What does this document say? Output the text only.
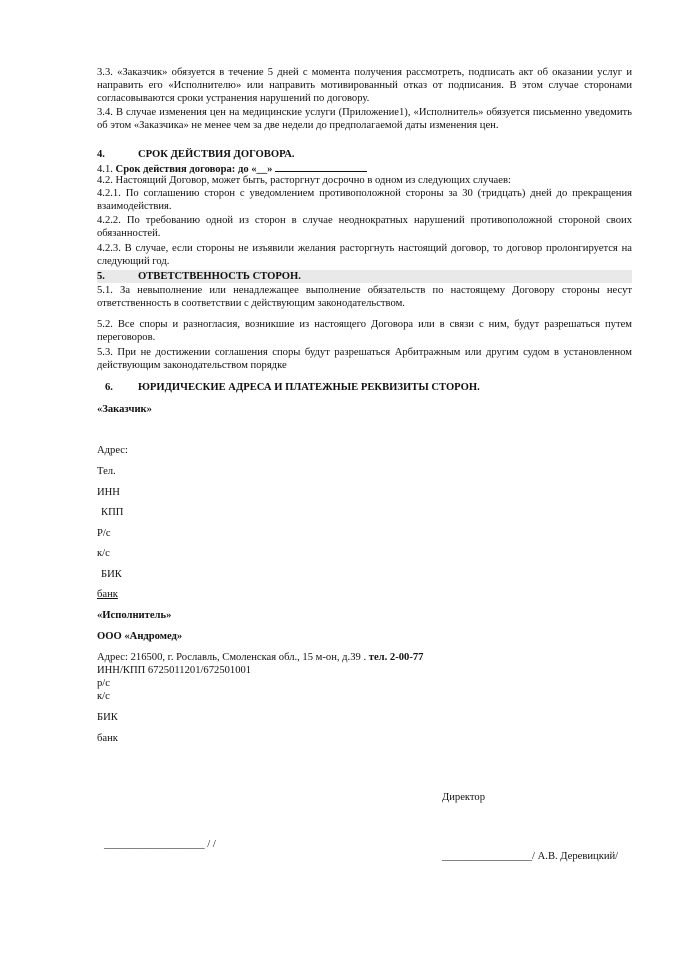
3.3. «Заказчик» обязуется в течение 5 дней с момента получения рассмотреть, подписать акт об оказании услуг и направить его «Исполнителю» или направить мотивированный отказ от подписания. В этом случае сторонами согласовываются сроки устранения нарушений по договору.
3.4. В случае изменения цен на медицинские услуги (Приложение1), «Исполнитель» обязуется письменно уведомить об этом «Заказчика» не менее чем за две недели до предполагаемой даты изменения цен.
4.	СРОК ДЕЙСТВИЯ ДОГОВОРА.
4.1. Срок действия договора: до «__»
4.2. Настоящий Договор, может быть, расторгнут досрочно в одном из следующих случаев:
4.2.1. По соглашению сторон с уведомлением противоположной стороны за 30 (тридцать) дней до прекращения взаимодействия.
4.2.2. По требованию одной из сторон в случае неоднократных нарушений противоположной стороной своих обязанностей.
4.2.3. В случае, если стороны не изъявили желания расторгнуть настоящий договор, то договор пролонгируется на следующий год.
5.	ОТВЕТСТВЕННОСТЬ СТОРОН.
5.1. За невыполнение или ненадлежащее выполнение обязательств по настоящему Договору стороны несут ответственность в соответствии с действующим законодательством.
5.2. Все споры и разногласия, возникшие из настоящего Договора или в связи с ним, будут разрешаться путем переговоров.
5.3. При не достижении соглашения споры будут разрешаться Арбитражным или другим судом в установленном действующим законодательством порядке
6. ЮРИДИЧЕСКИЕ АДРЕСА И ПЛАТЕЖНЫЕ РЕКВИЗИТЫ СТОРОН.
«Заказчик»
Адрес:
Тел.
ИНН
КПП
Р/с
к/с
БИК
банк
«Исполнитель»
ООО «Андромед»
Адрес: 216500, г. Рославль, Смоленская обл., 15 м-он, д.39 . тел. 2-00-77
ИНН/КПП 6725011201/672501001
р/с
к/с
БИК
банк
Директор
___________________ / /
_________________/ А.В. Деревицкий/
